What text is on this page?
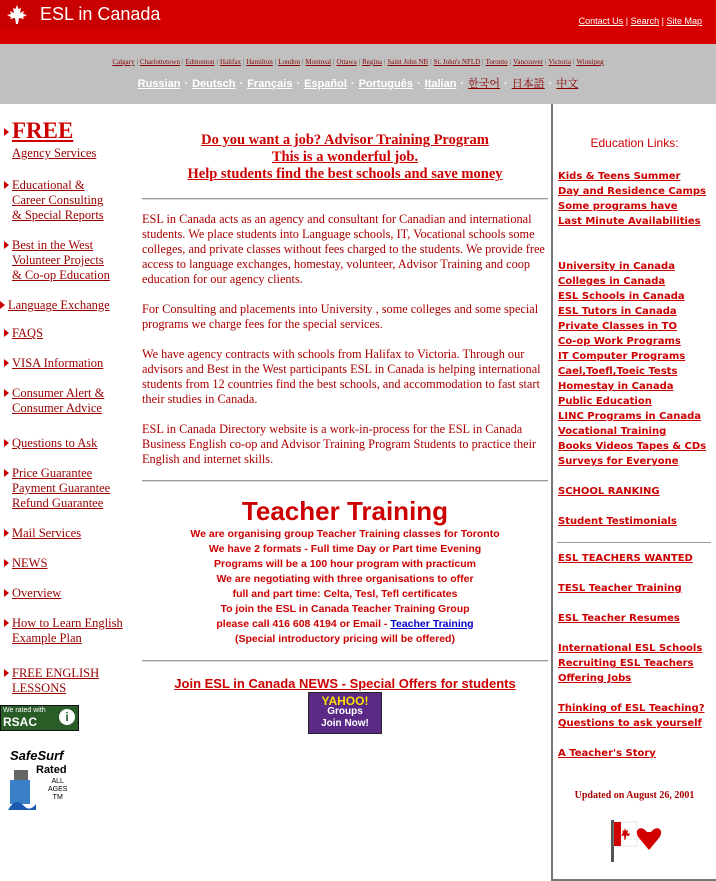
ESL in Canada	Contact Us | Search | Site Map
Calgary | Charlottetown | Edmonton | Halifax | Hamilton | London | Montreal | Ottawa | Regina | Saint John NB | St. John's NFLD | Toronto | Vancouver | Victoria | Winnipeg
Russian · Deutsch · Français · Español · Português · Italian · 한국어 · 日本語 · 中文
FREE
Agency Services
Educational &
Career Consulting
& Special Reports
Best in the West
Volunteer Projects
& Co-op Education
Language Exchange
FAQS
VISA Information
Consumer Alert &
Consumer Advice
Questions to Ask
Price Guarantee
Payment Guarantee
Refund Guarantee
Mail Services
NEWS
Overview
How to Learn English
Example Plan
FREE ENGLISH
LESSONS
We rated with
RSAC	i
SafeSurf
Rated
ALL
AGES
TM
Do you want a job? Advisor Training Program
This is a wonderful job.
Help students find the best schools and save money
ESL in Canada acts as an agency and consultant for Canadian and international students. We place students into Language schools, IT, Vocational schools some colleges, and private classes without fees charged to the students. We provide free access to language exchanges, homestay, volunteer, Advisor Training and coop education for our agency clients.
For Consulting and placements into University , some colleges and some special programs we charge fees for the special services.
We have agency contracts with schools from Halifax to Victoria. Through our advisors and Best in the West participants ESL in Canada is helping international students from 12 countries find the best schools, and accommodation to fast start their studies in Canada.
ESL in Canada Directory website is a work-in-process for the ESL in Canada Business English co-op and Advisor Training Program Students to practice their English and internet skills.
Teacher Training
We are organising group Teacher Training classes for Toronto
We have 2 formats - Full time Day or Part time Evening
Programs will be a 100 hour program with practicum
We are negotiating with three organisations to offer
full and part time: Celta, Tesl, Tefl certificates
To join the ESL in Canada Teacher Training Group
please call 416 608 4194 or Email - Teacher Training
(Special introductory pricing will be offered)
Join ESL in Canada NEWS - Special Offers for students
YAHOO!
Groups
Join Now!
Education Links:
Kids & Teens Summer
Day and Residence Camps
Some programs have
Last Minute Availabilities
University in Canada
Colleges in Canada
ESL Schools in Canada
ESL Tutors in Canada
Private Classes in TO
Co-op Work Programs
IT Computer Programs
Cael,Toefl,Toeic Tests
Homestay in Canada
Public Education
LINC Programs in Canada
Vocational Training
Books Videos Tapes & CDs
Surveys for Everyone
SCHOOL RANKING
Student Testimonials
ESL TEACHERS WANTED
TESL Teacher Training
ESL Teacher Resumes
International ESL Schools
Recruiting ESL Teachers
Offering Jobs
Thinking of ESL Teaching?
Questions to ask yourself
A Teacher's Story
Updated on August 26, 2001
